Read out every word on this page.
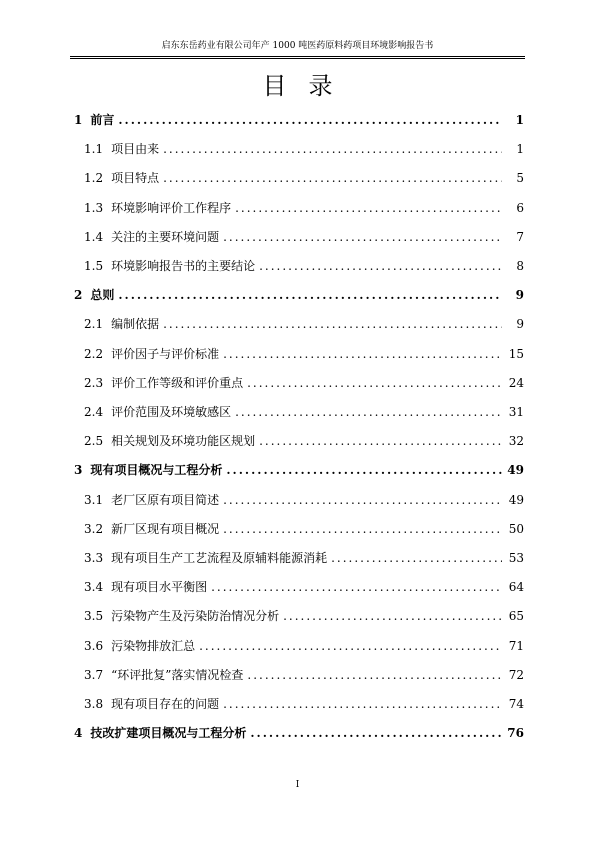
启东东岳药业有限公司年产 1000 吨医药原料药项目环境影响报告书
目录
1 前言 .....	1
1.1 项目由来 .....	1
1.2 项目特点 .....	5
1.3 环境影响评价工作程序 .....	6
1.4 关注的主要环境问题 .....	7
1.5 环境影响报告书的主要结论 .....	8
2 总则 .....	9
2.1 编制依据 .....	9
2.2 评价因子与评价标准 .....	15
2.3 评价工作等级和评价重点 .....	24
2.4 评价范围及环境敏感区 .....	31
2.5 相关规划及环境功能区规划 .....	32
3 现有项目概况与工程分析 .....	49
3.1 老厂区原有项目简述 .....	49
3.2 新厂区现有项目概况 .....	50
3.3 现有项目生产工艺流程及原辅料能源消耗 .....	53
3.4 现有项目水平衡图 .....	64
3.5 污染物产生及污染防治情况分析 .....	65
3.6 污染物排放汇总 .....	71
3.7 “环评批复”落实情况检查 .....	72
3.8 现有项目存在的问题 .....	74
4 技改扩建项目概况与工程分析 .....	76
I
